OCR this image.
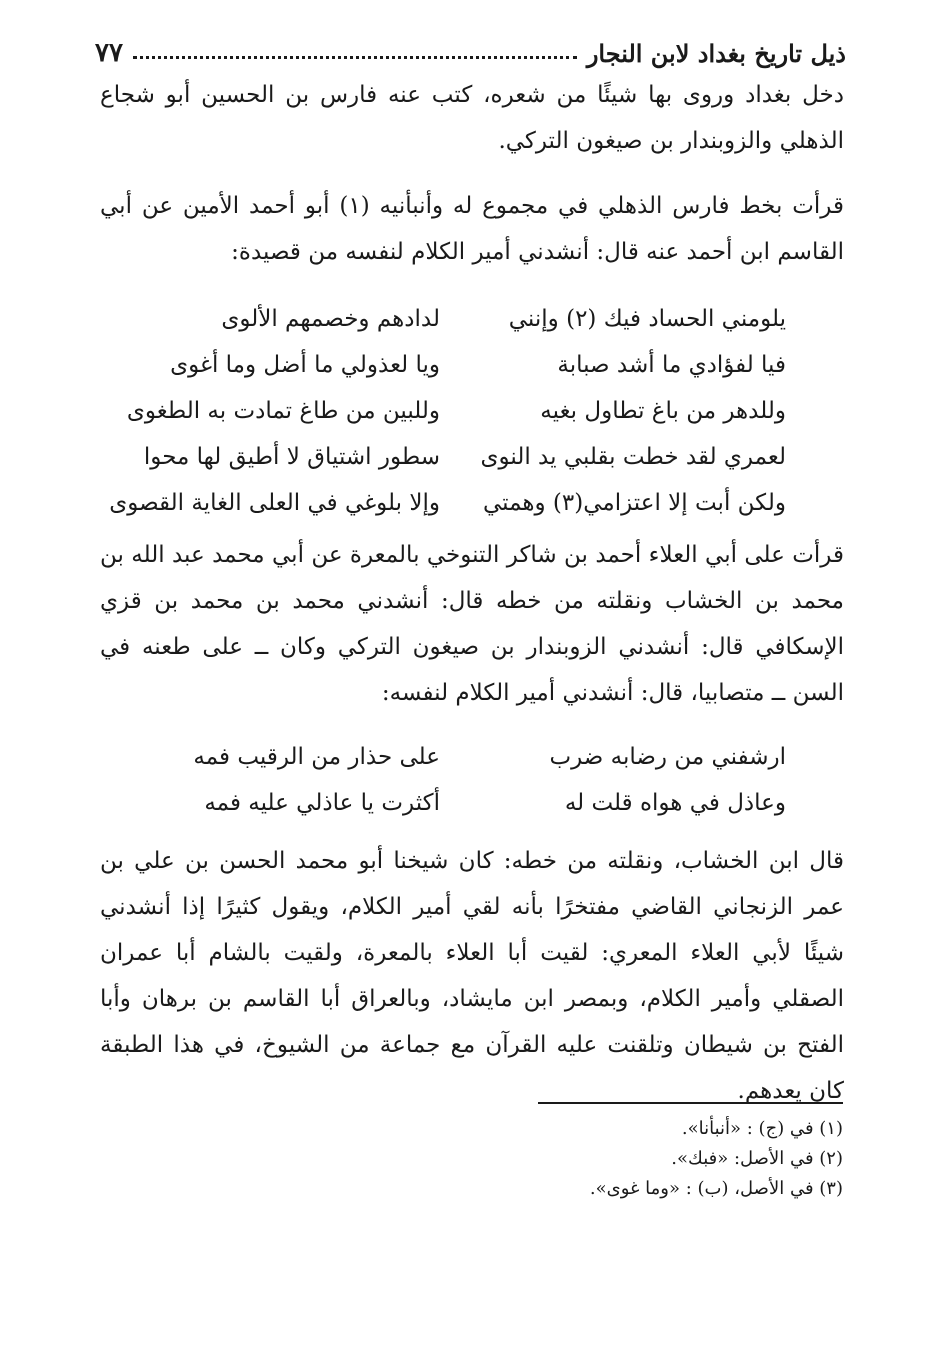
ذيل تاريخ بغداد لابن النجار
٧٧

دخل بغداد وروى بها شيئًا من شعره، كتب عنه فارس بن الحسين أبو شجاع الذهلي والزوبندار بن صيغون التركي.

قرأت بخط فارس الذهلي في مجموع له وأنبأنيه (١) أبو أحمد الأمين عن أبي القاسم ابن أحمد عنه قال: أنشدني أمير الكلام لنفسه من قصيدة:

يلومني الحساد فيك (٢) وإنني
لدادهم وخصمهم الألوى
فيا لفؤادي ما أشد صبابة
ويا لعذولي ما أضل وما أغوى
وللدهر من باغ تطاول بغيه
وللبين من طاغ تمادت به الطغوى
لعمري لقد خطت بقلبي يد النوى
سطور اشتياق لا أطيق لها محوا
ولكن أبت إلا اعتزامي(٣) وهمتي
وإلا بلوغي في العلى الغاية القصوى

قرأت على أبي العلاء أحمد بن شاكر التنوخي بالمعرة عن أبي محمد عبد الله بن محمد بن الخشاب ونقلته من خطه قال: أنشدني محمد بن محمد بن قزي الإسكافي قال: أنشدني الزوبندار بن صيغون التركي وكان ــ على طعنه في السن ــ متصابيا، قال: أنشدني أمير الكلام لنفسه:

ارشفني من رضابه ضرب
على حذار من الرقيب فمه
وعاذل في هواه قلت له
أكثرت يا عاذلي عليه فمه

قال ابن الخشاب، ونقلته من خطه: كان شيخنا أبو محمد الحسن بن علي بن عمر الزنجاني القاضي مفتخرًا بأنه لقي أمير الكلام، ويقول كثيرًا إذا أنشدني شيئًا لأبي العلاء المعري: لقيت أبا العلاء بالمعرة، ولقيت بالشام أبا عمران الصقلي وأمير الكلام، وبمصر ابن مايشاد، وبالعراق أبا القاسم بن برهان وأبا الفتح بن شيطان وتلقنت عليه القرآن مع جماعة من الشيوخ، في هذا الطبقة كان يعدهم.

(١) في (ج) : «أنبأنا».
(٢) في الأصل: «فبك».
(٣) في الأصل، (ب) : «وما غوى».
